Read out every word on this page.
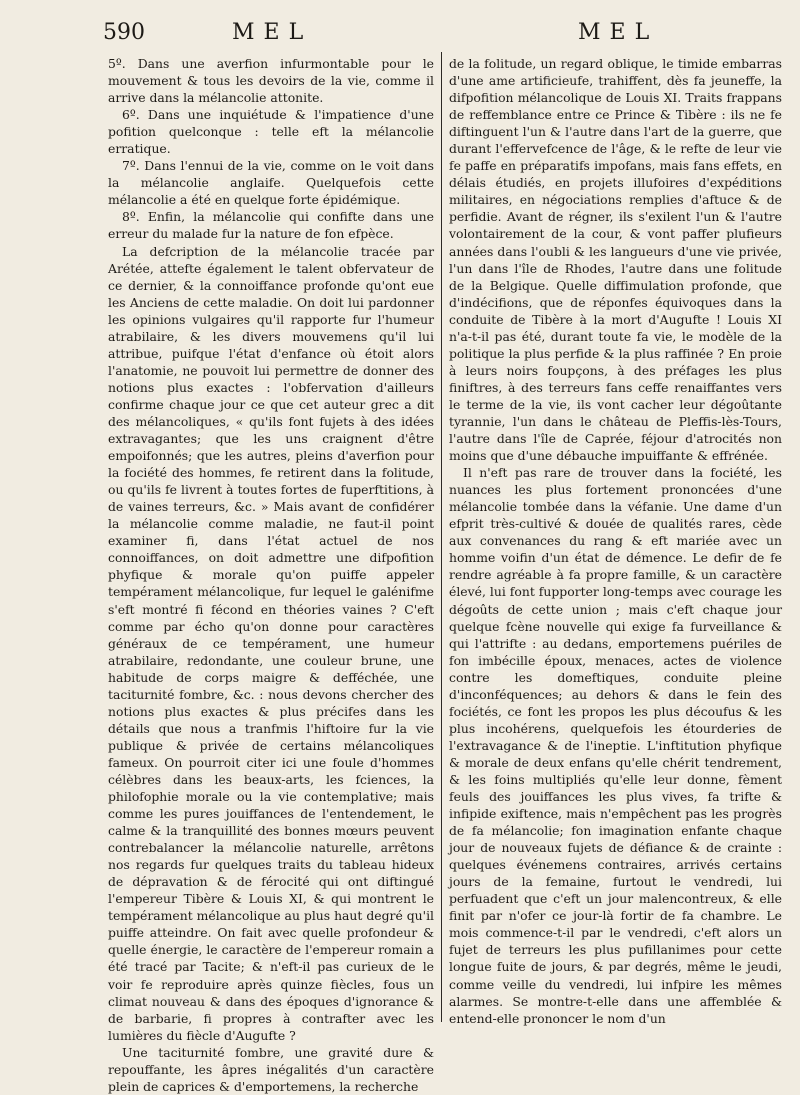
590	MEL	MEL

5º. Dans une averfion infurmontable pour le mouvement & tous les devoirs de la vie, comme il arrive dans la mélancolie attonite.

6º. Dans une inquiétude & l'impatience d'une pofition quelconque : telle eft la mélancolie erratique.

7º. Dans l'ennui de la vie, comme on le voit dans la mélancolie anglaife. Quelquefois cette mélancolie a été en quelque forte épidémique.

8º. Enfin, la mélancolie qui confifte dans une erreur du malade fur la nature de fon efpèce.

La defcription de la mélancolie tracée par Arétée, attefte également le talent obfervateur de ce dernier, & la connoiffance profonde qu'ont eue les Anciens de cette maladie. On doit lui pardonner les opinions vulgaires qu'il rapporte fur l'humeur atrabilaire, & les divers mouvemens qu'il lui attribue, puifque l'état d'enfance où étoit alors l'anatomie, ne pouvoit lui permettre de donner des notions plus exactes : l'obfervation d'ailleurs confirme chaque jour ce que cet auteur grec a dit des mélancoliques, « qu'ils font fujets à des idées extravagantes; que les uns craignent d'être empoifonnés; que les autres, pleins d'averfion pour la fociété des hommes, fe retirent dans la folitude, ou qu'ils fe livrent à toutes fortes de fuperftitions, à de vaines terreurs, &c. » Mais avant de confidérer la mélancolie comme maladie, ne faut-il point examiner fi, dans l'état actuel de nos connoiffances, on doit admettre une difpofition phyfique & morale qu'on puiffe appeler tempérament mélancolique, fur lequel le galénifme s'eft montré fi fécond en théories vaines ? C'eft comme par écho qu'on donne pour caractères généraux de ce tempérament, une humeur atrabilaire, redondante, une couleur brune, une habitude de corps maigre & defféchée, une taciturnité fombre, &c. : nous devons chercher des notions plus exactes & plus précifes dans les détails que nous a tranfmis l'hiftoire fur la vie publique & privée de certains mélancoliques fameux. On pourroit citer ici une foule d'hommes célèbres dans les beaux-arts, les fciences, la philofophie morale ou la vie contemplative; mais comme les pures jouiffances de l'entendement, le calme & la tranquillité des bonnes mœurs peuvent contrebalancer la mélancolie naturelle, arrêtons nos regards fur quelques traits du tableau hideux de dépravation & de férocité qui ont diftingué l'empereur Tibère & Louis XI, & qui montrent le tempérament mélancolique au plus haut degré qu'il puiffe atteindre. On fait avec quelle profondeur & quelle énergie, le caractère de l'empereur romain a été tracé par Tacite; & n'eft-il pas curieux de le voir fe reproduire après quinze fiècles, fous un climat nouveau & dans des époques d'ignorance & de barbarie, fi propres à contrafter avec les lumières du fiècle d'Augufte ?

Une taciturnité fombre, une gravité dure & repouffante, les âpres inégalités d'un caractère plein de caprices & d'emportemens, la recherche

de la folitude, un regard oblique, le timide embarras d'une ame artificieufe, trahiffent, dès fa jeuneffe, la difpofition mélancolique de Louis XI. Traits frappans de reffemblance entre ce Prince & Tibère : ils ne fe diftinguent l'un & l'autre dans l'art de la guerre, que durant l'effervefcence de l'âge, & le refte de leur vie fe paffe en préparatifs impofans, mais fans effets, en délais étudiés, en projets illufoires d'expéditions militaires, en négociations remplies d'aftuce & de perfidie. Avant de régner, ils s'exilent l'un & l'autre volontairement de la cour, & vont paffer plufieurs années dans l'oubli & les langueurs d'une vie privée, l'un dans l'île de Rhodes, l'autre dans une folitude de la Belgique. Quelle diffimulation profonde, que d'indécifions, que de réponfes équivoques dans la conduite de Tibère à la mort d'Augufte ! Louis XI n'a-t-il pas été, durant toute fa vie, le modèle de la politique la plus perfide & la plus raffinée ? En proie à leurs noirs foupçons, à des préfages les plus finiftres, à des terreurs fans ceffe renaiffantes vers le terme de la vie, ils vont cacher leur dégoûtante tyrannie, l'un dans le château de Pleffis-lès-Tours, l'autre dans l'île de Caprée, féjour d'atrocités non moins que d'une débauche impuiffante & effrénée.

Il n'eft pas rare de trouver dans la fociété, les nuances les plus fortement prononcées d'une mélancolie tombée dans la véfanie. Une dame d'un efprit très-cultivé & douée de qualités rares, cède aux convenances du rang & eft mariée avec un homme voifin d'un état de démence. Le defir de fe rendre agréable à fa propre famille, & un caractère élevé, lui font fupporter long-temps avec courage les dégoûts de cette union ; mais c'eft chaque jour quelque fcène nouvelle qui exige fa furveillance & qui l'attrifte : au dedans, emportemens puériles de fon imbécille époux, menaces, actes de violence contre les domeftiques, conduite pleine d'inconféquences; au dehors & dans le fein des fociétés, ce font les propos les plus découfus & les plus incohérens, quelquefois les étourderies de l'extravagance & de l'ineptie. L'inftitution phyfique & morale de deux enfans qu'elle chérit tendrement, & les foins multipliés qu'elle leur donne, fèment feuls des jouiffances les plus vives, fa trifte & infipide exiftence, mais n'empêchent pas les progrès de fa mélancolie; fon imagination enfante chaque jour de nouveaux fujets de défiance & de crainte : quelques événemens contraires, arrivés certains jours de la femaine, furtout le vendredi, lui perfuadent que c'eft un jour malencontreux, & elle finit par n'ofer ce jour-là fortir de fa chambre. Le mois commence-t-il par le vendredi, c'eft alors un fujet de terreurs les plus pufillanimes pour cette longue fuite de jours, & par degrés, même le jeudi, comme veille du vendredi, lui infpire les mêmes alarmes. Se montre-t-elle dans une affemblée & entend-elle prononcer le nom d'un
